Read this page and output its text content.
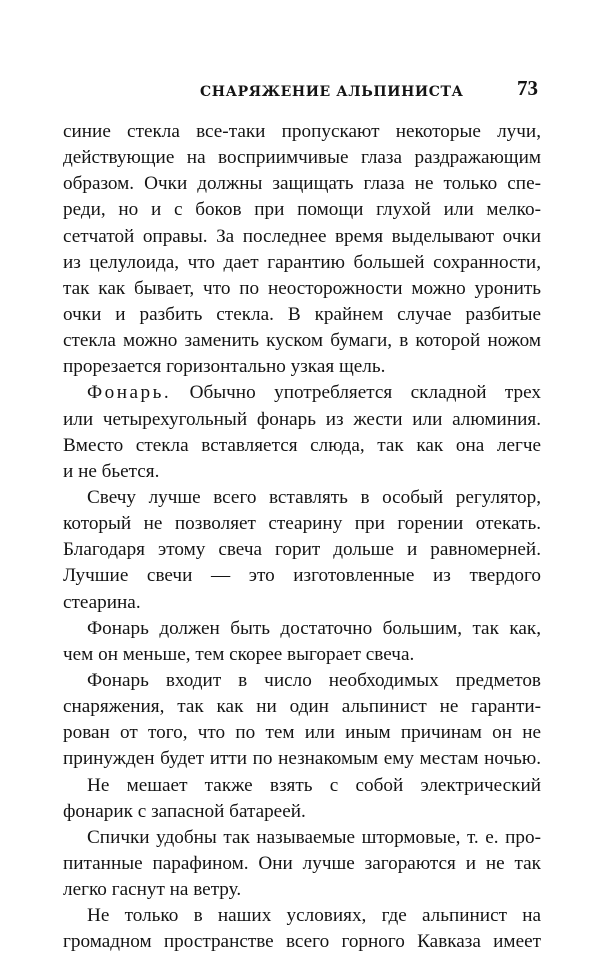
СНАРЯЖЕНИЕ АЛЬПИНИСТА	73
синие стекла все-таки пропускают некоторые лучи,
действующие на восприимчивые глаза раздражающим
образом. Очки должны защищать глаза не только спе-
реди, но и с боков при помощи глухой или мелко-
сетчатой оправы. За последнее время выделывают очки
из целулоида, что дает гарантию большей сохранности,
так как бывает, что по неосторожности можно уронить
очки и разбить стекла. В крайнем случае разбитые
стекла можно заменить куском бумаги, в которой ножом
прорезается горизонтально узкая щель.
Фонарь. Обычно употребляется складной трех
или четырехугольный фонарь из жести или алюминия.
Вместо стекла вставляется слюда, так как она легче
и не бьется.
Свечу лучше всего вставлять в особый регулятор,
который не позволяет стеарину при горении отекать.
Благодаря этому свеча горит дольше и равномерней.
Лучшие свечи — это изготовленные из твердого
стеарина.
Фонарь должен быть достаточно большим, так как,
чем он меньше, тем скорее выгорает свеча.
Фонарь входит в число необходимых предметов
снаряжения, так как ни один альпинист не гаранти-
рован от того, что по тем или иным причинам он не
принужден будет итти по незнакомым ему местам ночью.
Не мешает также взять с собой электрический
фонарик с запасной батареей.
Спички удобны так называемые штормовые, т. е. про-
питанные парафином. Они лучше загораются и не так
легко гаснут на ветру.
Не только в наших условиях, где альпинист на
громадном пространстве всего горного Кавказа имеет
